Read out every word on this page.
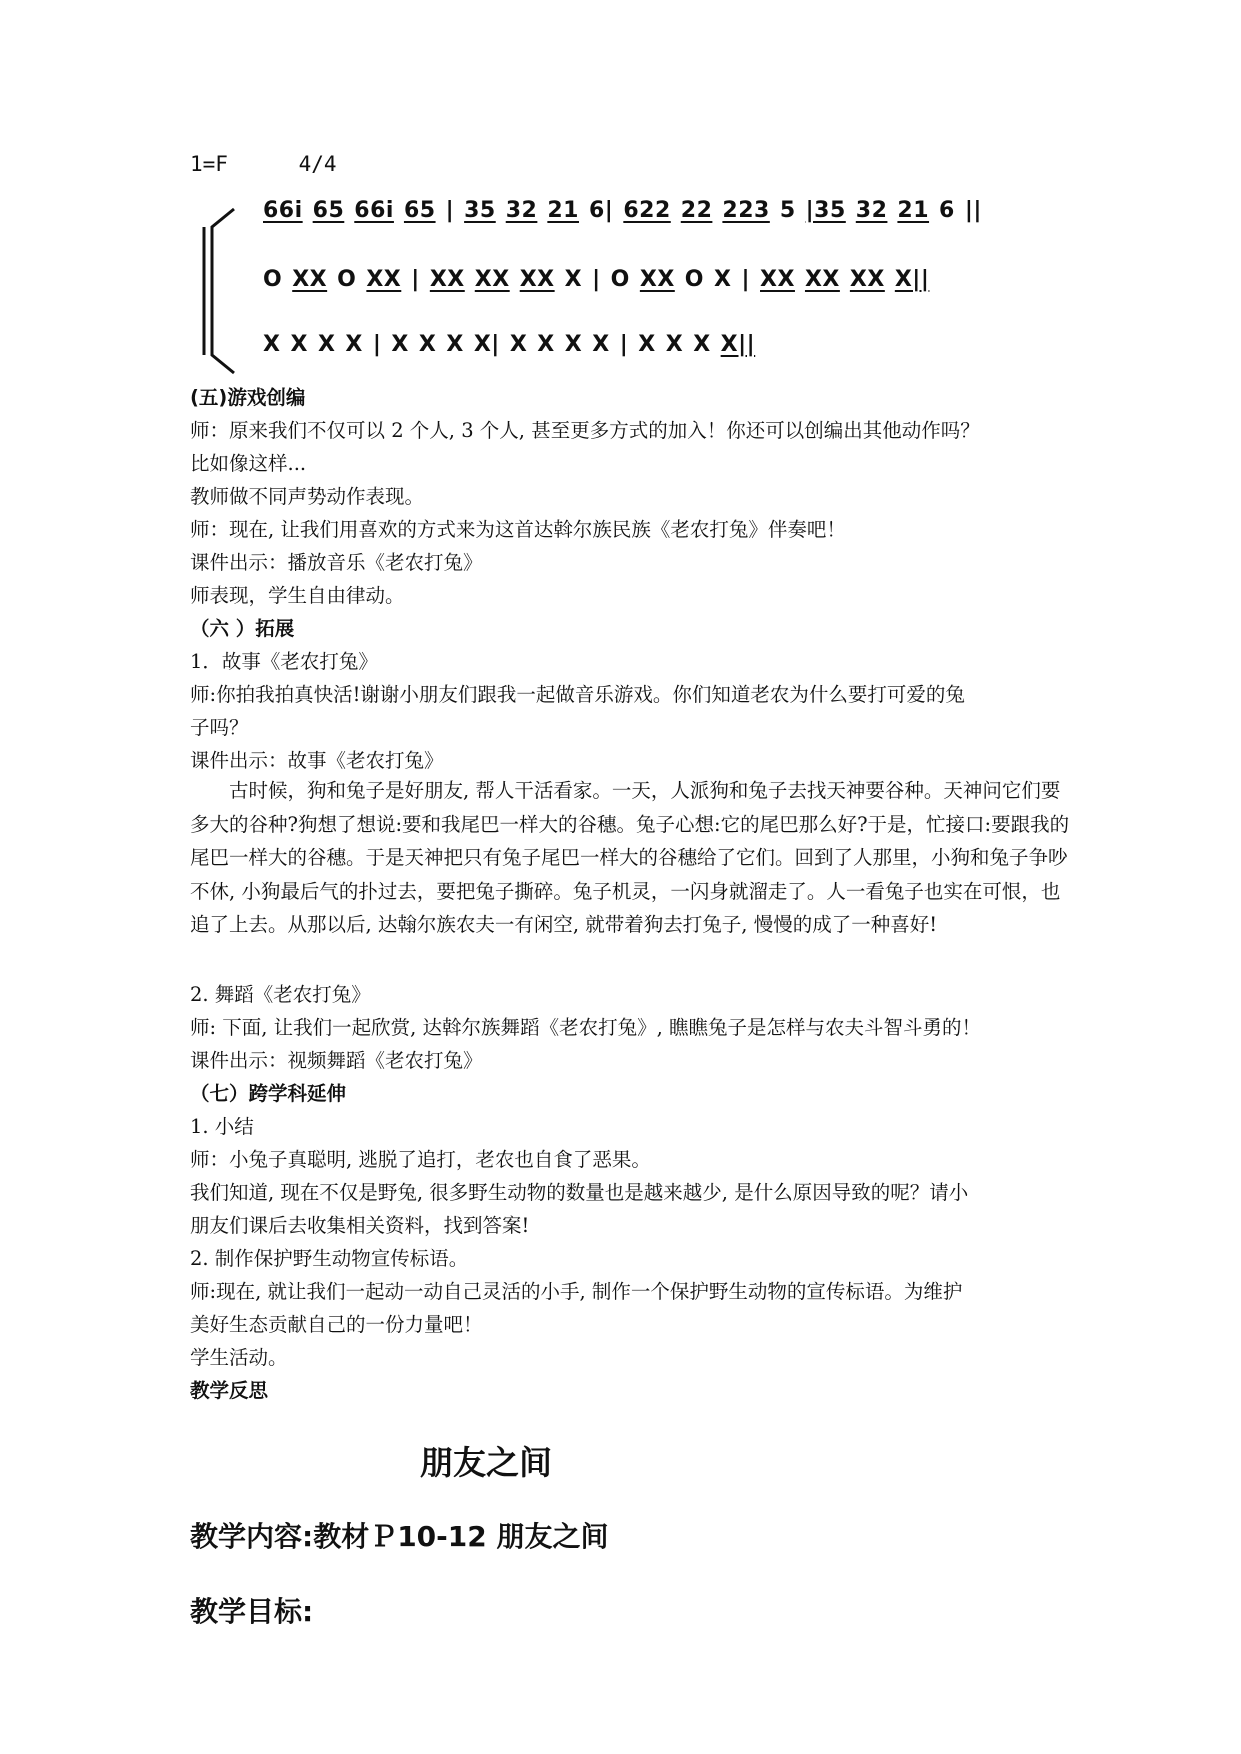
1=F	4/4
66i 65 66i 65 | 35 32 21 6| 622 22 223 5 |35 32 21 6 ||
O XX O XX | XX XX XX X | O XX O X | XX XX XX X||
X X X X | X X X X| X X X X | X X X X||
(五)游戏创编
师：原来我们不仅可以 2 个人, 3 个人, 甚至更多方式的加入！你还可以创编出其他动作吗？
比如像这样...
教师做不同声势动作表现。
师：现在, 让我们用喜欢的方式来为这首达斡尔族民族《老农打兔》伴奏吧！
课件出示：播放音乐《老农打兔》
师表现，学生自由律动。
（六 ）拓展
1．故事《老农打兔》
师:你拍我拍真快活!谢谢小朋友们跟我一起做音乐游戏。你们知道老农为什么要打可爱的兔
子吗？
课件出示：故事《老农打兔》
古时候，狗和兔子是好朋友, 帮人干活看家。一天，人派狗和兔子去找天神要谷种。天神问它们要多大的谷种?狗想了想说:要和我尾巴一样大的谷穗。兔子心想:它的尾巴那么好?于是，忙接口:要跟我的尾巴一样大的谷穗。于是天神把只有兔子尾巴一样大的谷穗给了它们。回到了人那里，小狗和兔子争吵不休, 小狗最后气的扑过去，要把兔子撕碎。兔子机灵，一闪身就溜走了。人一看兔子也实在可恨，也追了上去。从那以后, 达翰尔族农夫一有闲空, 就带着狗去打兔子, 慢慢的成了一种喜好!
2. 舞蹈《老农打兔》
师: 下面, 让我们一起欣赏, 达斡尔族舞蹈《老农打兔》, 瞧瞧兔子是怎样与农夫斗智斗勇的！
课件出示：视频舞蹈《老农打兔》
（七）跨学科延伸
1. 小结
师：小兔子真聪明, 逃脱了追打，老农也自食了恶果。
我们知道, 现在不仅是野兔, 很多野生动物的数量也是越来越少, 是什么原因导致的呢？请小
朋友们课后去收集相关资料，找到答案!
2. 制作保护野生动物宣传标语。
师:现在, 就让我们一起动一动自己灵活的小手, 制作一个保护野生动物的宣传标语。为维护
美好生态贡献自己的一份力量吧！
学生活动。
教学反思
朋友之间
教学内容:教材Ｐ10-12 朋友之间
教学目标:
